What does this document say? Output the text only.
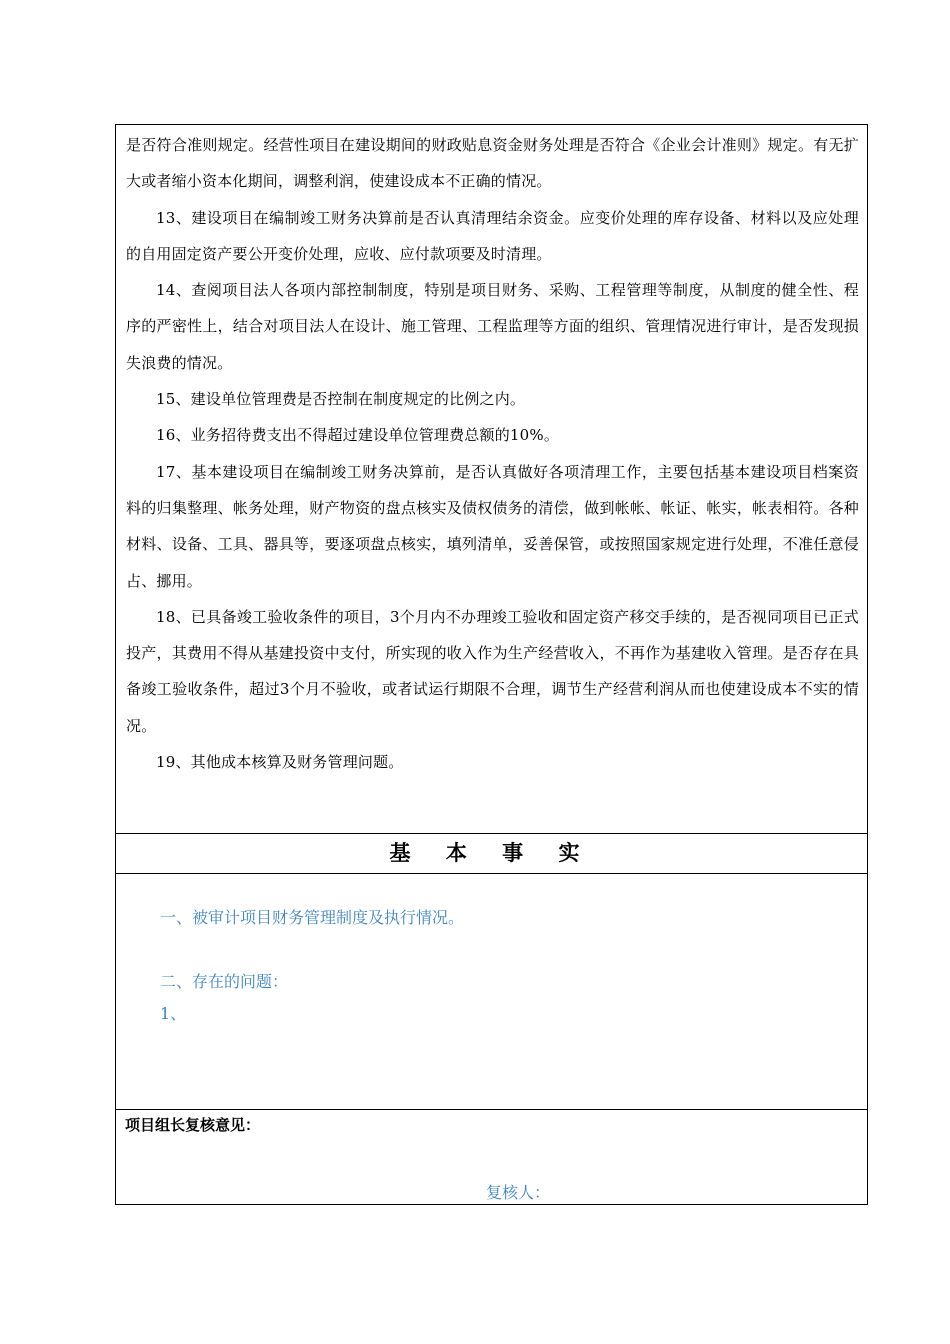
是否符合准则规定。经营性项目在建设期间的财政贴息资金财务处理是否符合《企业会计准则》规定。有无扩大或者缩小资本化期间，调整利润，使建设成本不正确的情况。

13、建设项目在编制竣工财务决算前是否认真清理结余资金。应变价处理的库存设备、材料以及应处理的自用固定资产要公开变价处理，应收、应付款项要及时清理。

14、查阅项目法人各项内部控制制度，特别是项目财务、采购、工程管理等制度，从制度的健全性、程序的严密性上，结合对项目法人在设计、施工管理、工程监理等方面的组织、管理情况进行审计，是否发现损失浪费的情况。

15、建设单位管理费是否控制在制度规定的比例之内。

16、业务招待费支出不得超过建设单位管理费总额的10%。

17、基本建设项目在编制竣工财务决算前，是否认真做好各项清理工作，主要包括基本建设项目档案资料的归集整理、帐务处理，财产物资的盘点核实及债权债务的清偿，做到帐帐、帐证、帐实，帐表相符。各种材料、设备、工具、器具等，要逐项盘点核实，填列清单，妥善保管，或按照国家规定进行处理，不准任意侵占、挪用。

18、已具备竣工验收条件的项目，3个月内不办理竣工验收和固定资产移交手续的，是否视同项目已正式投产，其费用不得从基建投资中支付，所实现的收入作为生产经营收入，不再作为基建收入管理。是否存在具备竣工验收条件，超过3个月不验收，或者试运行期限不合理，调节生产经营利润从而也使建设成本不实的情况。

19、其他成本核算及财务管理问题。

基 本 事 实
一、被审计项目财务管理制度及执行情况。
二、存在的问题：
1、
项目组长复核意见：
复核人：
